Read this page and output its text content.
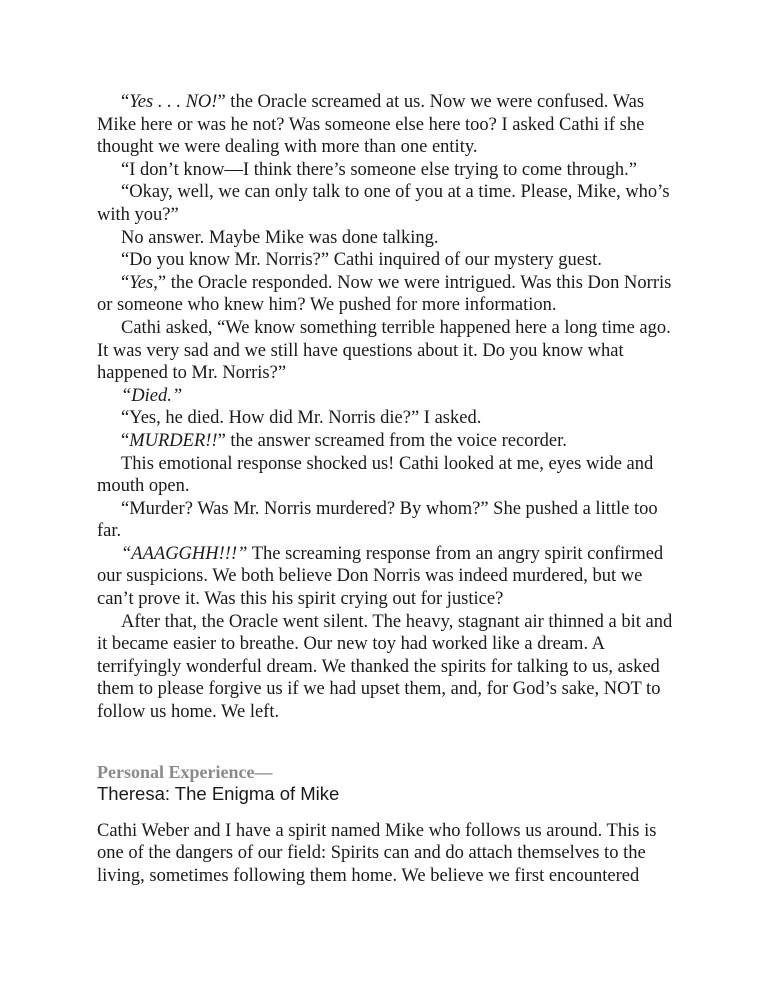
“Yes . . . NO!” the Oracle screamed at us. Now we were confused. Was Mike here or was he not? Was someone else here too? I asked Cathi if she thought we were dealing with more than one entity.

“I don’t know—I think there’s someone else trying to come through.”

“Okay, well, we can only talk to one of you at a time. Please, Mike, who’s with you?”

No answer. Maybe Mike was done talking.

“Do you know Mr. Norris?” Cathi inquired of our mystery guest.

“Yes,” the Oracle responded. Now we were intrigued. Was this Don Norris or someone who knew him? We pushed for more information.

Cathi asked, “We know something terrible happened here a long time ago. It was very sad and we still have questions about it. Do you know what happened to Mr. Norris?”

“Died.”

“Yes, he died. How did Mr. Norris die?” I asked.

“MURDER!!” the answer screamed from the voice recorder.

This emotional response shocked us! Cathi looked at me, eyes wide and mouth open.

“Murder? Was Mr. Norris murdered? By whom?” She pushed a little too far.

“AAAGGHH!!!” The screaming response from an angry spirit confirmed our suspicions. We both believe Don Norris was indeed murdered, but we can’t prove it. Was this his spirit crying out for justice?

After that, the Oracle went silent. The heavy, stagnant air thinned a bit and it became easier to breathe. Our new toy had worked like a dream. A terrifyingly wonderful dream. We thanked the spirits for talking to us, asked them to please forgive us if we had upset them, and, for God’s sake, NOT to follow us home. We left.

Personal Experience—
Theresa: The Enigma of Mike

Cathi Weber and I have a spirit named Mike who follows us around. This is one of the dangers of our field: Spirits can and do attach themselves to the living, sometimes following them home. We believe we first encountered
